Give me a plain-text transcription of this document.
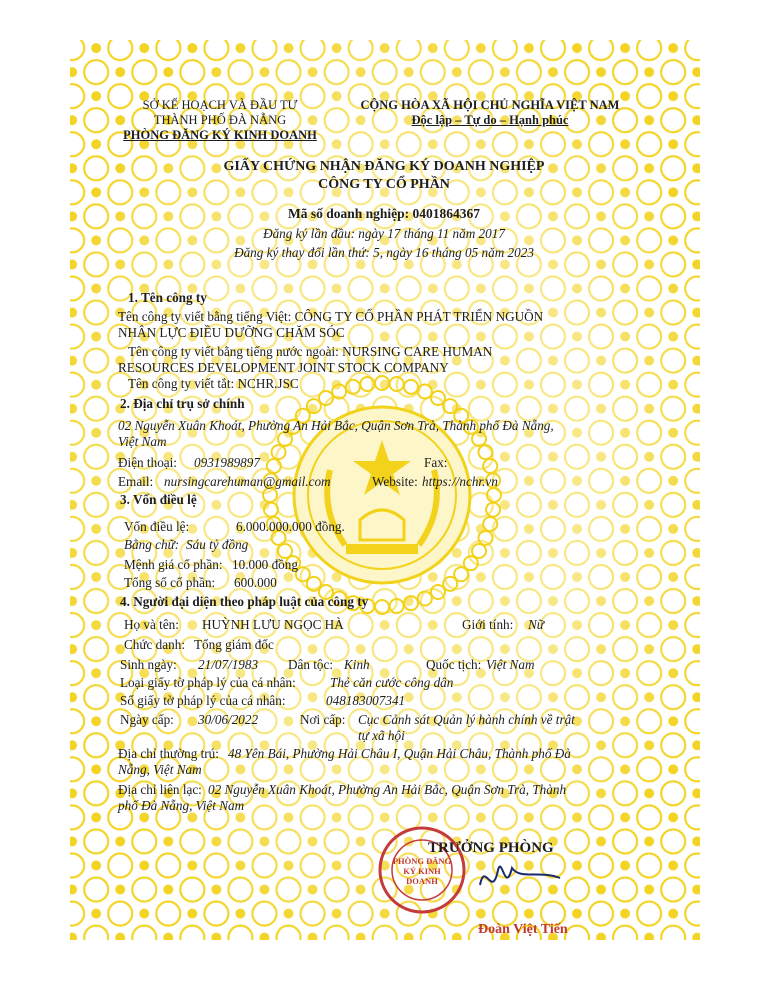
SỞ KẾ HOẠCH VÀ ĐẦU TƯ
THÀNH PHỐ ĐÀ NẴNG
PHÒNG ĐĂNG KÝ KINH DOANH
CỘNG HÒA XÃ HỘI CHỦ NGHĨA VIỆT NAM
Độc lập – Tự do – Hạnh phúc
GIẤY CHỨNG NHẬN ĐĂNG KÝ DOANH NGHIỆP
CÔNG TY CỔ PHẦN
Mã số doanh nghiệp: 0401864367
Đăng ký lần đầu: ngày 17 tháng 11 năm 2017
Đăng ký thay đổi lần thứ: 5, ngày 16 tháng 05 năm 2023
1. Tên công ty
Tên công ty viết bằng tiếng Việt: CÔNG TY CỔ PHẦN PHÁT TRIỂN NGUỒN
NHÂN LỰC ĐIỀU DƯỠNG CHĂM SÓC
Tên công ty viết bằng tiếng nước ngoài: NURSING CARE HUMAN
RESOURCES DEVELOPMENT JOINT STOCK COMPANY
Tên công ty viết tắt: NCHR.JSC
2. Địa chỉ trụ sở chính
02 Nguyễn Xuân Khoát, Phường An Hải Bắc, Quận Sơn Trà, Thành phố Đà Nẵng,
Việt Nam
Điện thoại: 0931989897	Fax:
Email: nursingcarehuman@gmail.com	Website: https://nchr.vn
3. Vốn điều lệ
Vốn điều lệ:	6.000.000.000 đồng.
Bằng chữ: Sáu tỷ đồng
Mệnh giá cổ phần: 10.000 đồng
Tổng số cổ phần: 600.000
4. Người đại diện theo pháp luật của công ty
Họ và tên: HUỲNH LƯU NGỌC HÀ	Giới tính: Nữ
Chức danh: Tổng giám đốc
Sinh ngày: 21/07/1983 Dân tộc: Kinh	Quốc tịch: Việt Nam
Loại giấy tờ pháp lý của cá nhân:	Thẻ căn cước công dân
Số giấy tờ pháp lý của cá nhân:	048183007341
Ngày cấp: 30/06/2022	Nơi cấp: Cục Cảnh sát Quản lý hành chính về trật
tự xã hội
Địa chỉ thường trú: 48 Yên Bái, Phường Hải Châu I, Quận Hải Châu, Thành phố Đà
Nẵng, Việt Nam
Địa chỉ liên lạc: 02 Nguyễn Xuân Khoát, Phường An Hải Bắc, Quận Sơn Trà, Thành
phố Đà Nẵng, Việt Nam
TRƯỞNG PHÒNG
Đoàn Việt Tiến
PHÒNG ĐĂNG KÝ KINH DOANH
